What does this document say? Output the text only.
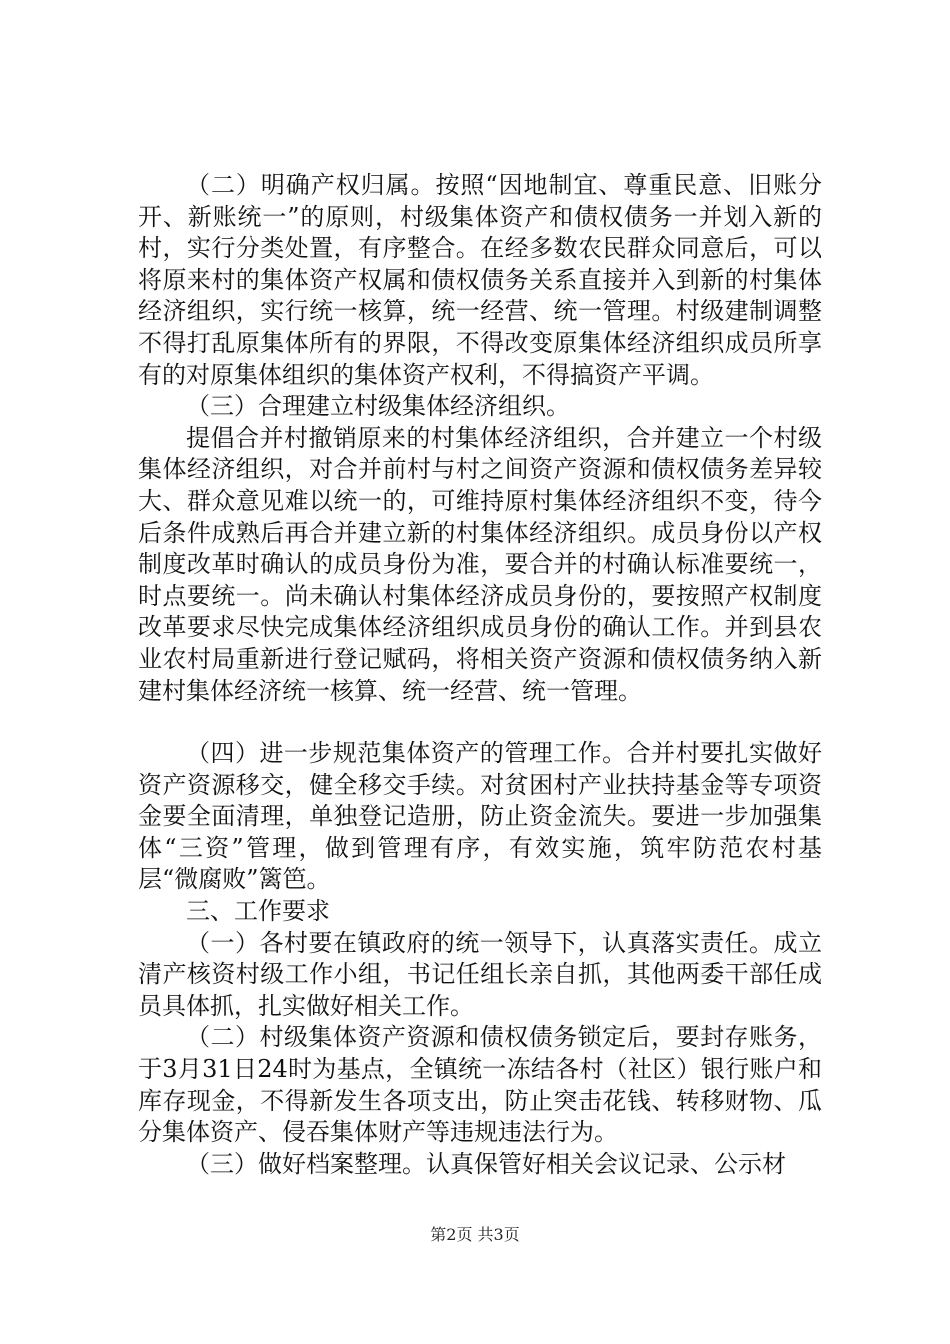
（二）明确产权归属。按照“因地制宜、尊重民意、旧账分开、新账统一”的原则，村级集体资产和债权债务一并划入新的村，实行分类处置，有序整合。在经多数农民群众同意后，可以将原来村的集体资产权属和债权债务关系直接并入到新的村集体经济组织，实行统一核算，统一经营、统一管理。村级建制调整不得打乱原集体所有的界限，不得改变原集体经济组织成员所享有的对原集体组织的集体资产权利，不得搞资产平调。

（三）合理建立村级集体经济组织。

提倡合并村撤销原来的村集体经济组织，合并建立一个村级集体经济组织，对合并前村与村之间资产资源和债权债务差异较大、群众意见难以统一的，可维持原村集体经济组织不变，待今后条件成熟后再合并建立新的村集体经济组织。成员身份以产权制度改革时确认的成员身份为准，要合并的村确认标准要统一，时点要统一。尚未确认村集体经济成员身份的，要按照产权制度改革要求尽快完成集体经济组织成员身份的确认工作。并到县农业农村局重新进行登记赋码，将相关资产资源和债权债务纳入新建村集体经济统一核算、统一经营、统一管理。

（四）进一步规范集体资产的管理工作。合并村要扎实做好资产资源移交，健全移交手续。对贫困村产业扶持基金等专项资金要全面清理，单独登记造册，防止资金流失。要进一步加强集体“三资”管理，做到管理有序，有效实施，筑牢防范农村基层“微腐败”篱笆。

三、工作要求

（一）各村要在镇政府的统一领导下，认真落实责任。成立清产核资村级工作小组，书记任组长亲自抓，其他两委干部任成员具体抓，扎实做好相关工作。

（二）村级集体资产资源和债权债务锁定后，要封存账务，于3月31日24时为基点，全镇统一冻结各村（社区）银行账户和库存现金，不得新发生各项支出，防止突击花钱、转移财物、瓜分集体资产、侵吞集体财产等违规违法行为。

（三）做好档案整理。认真保管好相关会议记录、公示材

第2页 共3页
